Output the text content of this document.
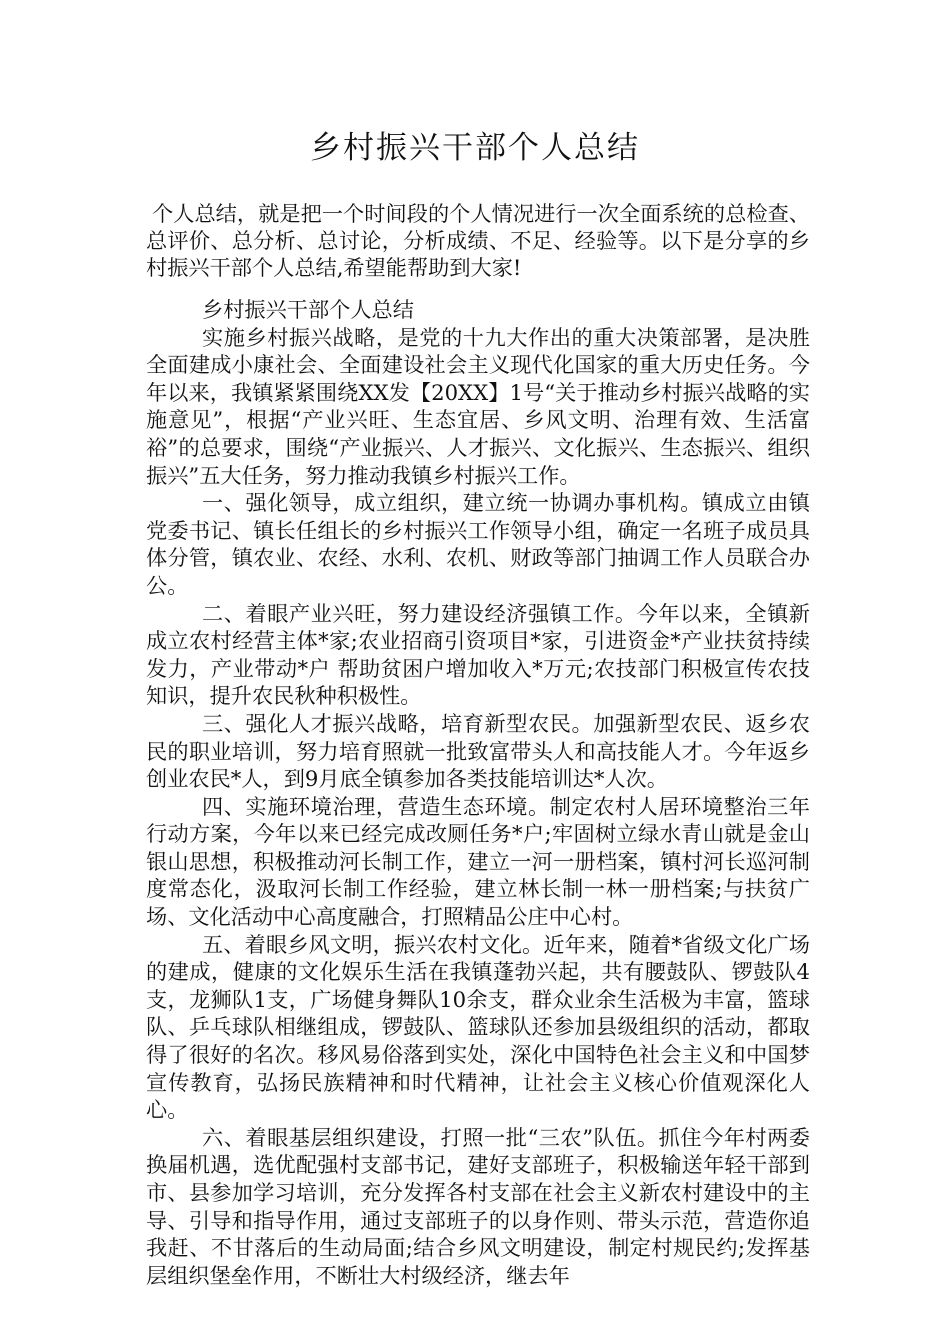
乡村振兴干部个人总结

个人总结，就是把一个时间段的个人情况进行一次全面系统的总检查、总评价、总分析、总讨论，分析成绩、不足、经验等。以下是分享的乡村振兴干部个人总结,希望能帮助到大家!

乡村振兴干部个人总结

实施乡村振兴战略，是党的十九大作出的重大决策部署，是决胜全面建成小康社会、全面建设社会主义现代化国家的重大历史任务。今年以来，我镇紧紧围绕XX发【20XX】1号“关于推动乡村振兴战略的实施意见”，根据“产业兴旺、生态宜居、乡风文明、治理有效、生活富裕”的总要求，围绕“产业振兴、人才振兴、文化振兴、生态振兴、组织振兴”五大任务，努力推动我镇乡村振兴工作。

一、强化领导，成立组织，建立统一协调办事机构。镇成立由镇党委书记、镇长任组长的乡村振兴工作领导小组，确定一名班子成员具体分管，镇农业、农经、水利、农机、财政等部门抽调工作人员联合办公。

二、着眼产业兴旺，努力建设经济强镇工作。今年以来，全镇新成立农村经营主体*家;农业招商引资项目*家，引进资金*产业扶贫持续发力，产业带动*户 帮助贫困户增加收入*万元;农技部门积极宣传农技知识，提升农民秋种积极性。

三、强化人才振兴战略，培育新型农民。加强新型农民、返乡农民的职业培训，努力培育照就一批致富带头人和高技能人才。今年返乡创业农民*人，到9月底全镇参加各类技能培训达*人次。

四、实施环境治理，营造生态环境。制定农村人居环境整治三年行动方案，今年以来已经完成改厕任务*户;牢固树立绿水青山就是金山银山思想，积极推动河长制工作，建立一河一册档案，镇村河长巡河制度常态化，汲取河长制工作经验，建立林长制一林一册档案;与扶贫广场、文化活动中心高度融合，打照精品公庄中心村。

五、着眼乡风文明，振兴农村文化。近年来，随着*省级文化广场的建成，健康的文化娱乐生活在我镇蓬勃兴起，共有腰鼓队、锣鼓队4支，龙狮队1支，广场健身舞队10余支，群众业余生活极为丰富，篮球队、乒乓球队相继组成，锣鼓队、篮球队还参加县级组织的活动，都取得了很好的名次。移风易俗落到实处，深化中国特色社会主义和中国梦宣传教育，弘扬民族精神和时代精神，让社会主义核心价值观深化人心。

六、着眼基层组织建设，打照一批“三农”队伍。抓住今年村两委换届机遇，选优配强村支部书记，建好支部班子，积极输送年轻干部到市、县参加学习培训，充分发挥各村支部在社会主义新农村建设中的主导、引导和指导作用，通过支部班子的以身作则、带头示范，营造你追我赶、不甘落后的生动局面;结合乡风文明建设，制定村规民约;发挥基层组织堡垒作用，不断壮大村级经济，继去年
